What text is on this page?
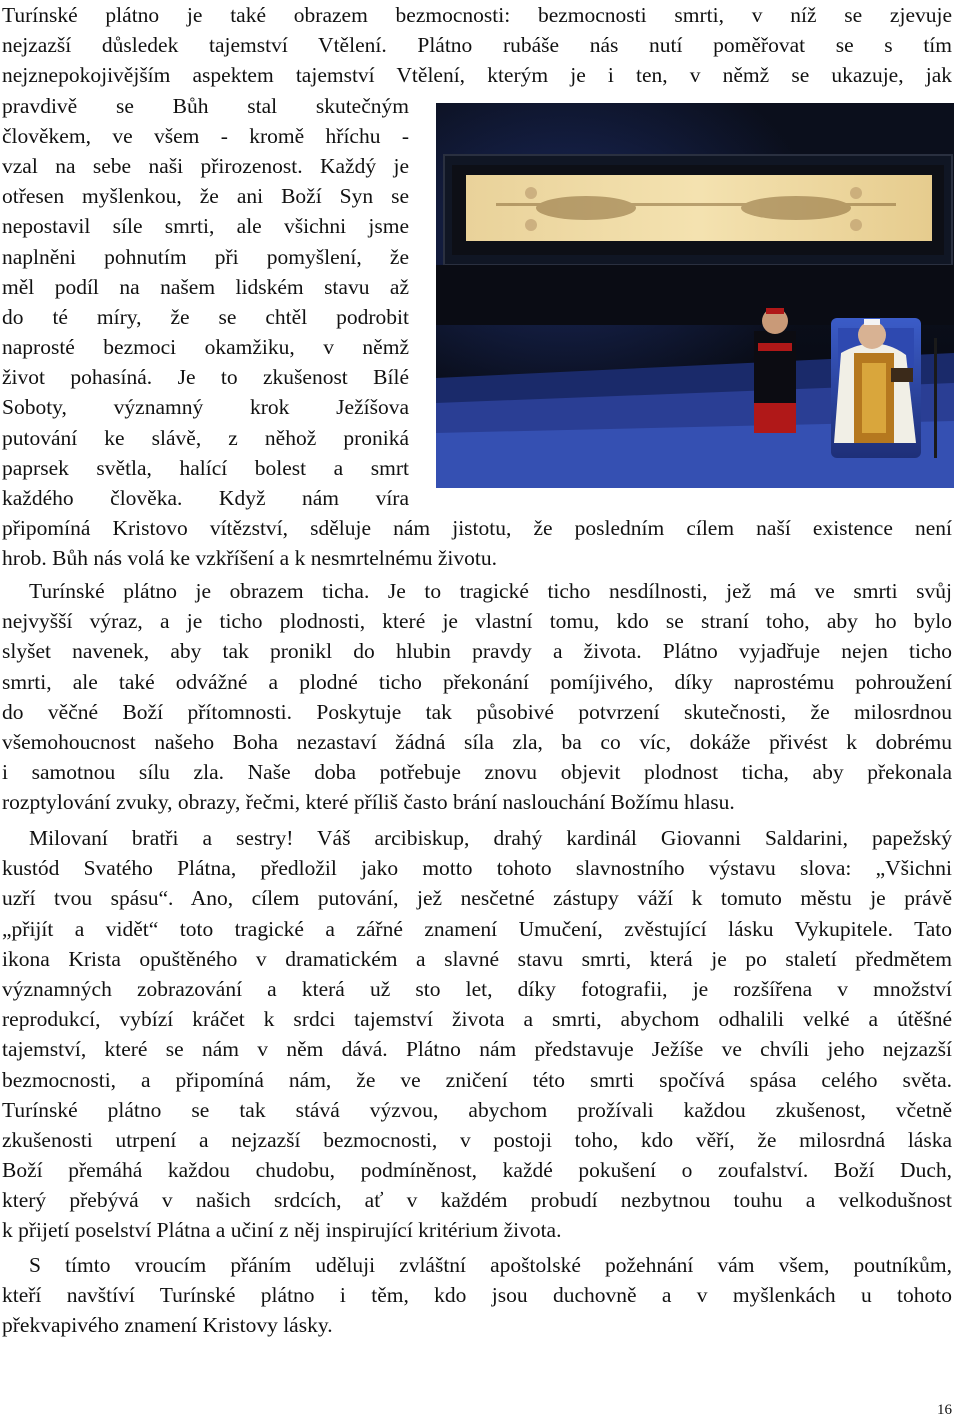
Turínské plátno je také obrazem bezmocnosti: bezmocnosti smrti, v níž se zjevuje
nejzazší důsledek tajemství Vtělení. Plátno rubáše nás nutí poměřovat se s tím
nejznepokojivějším aspektem tajemství Vtělení, kterým je i ten, v němž se ukazuje, jak
pravdivě se Bůh stal skutečným
člověkem, ve všem - kromě hříchu -
vzal na sebe naši přirozenost. Každý je
otřesen myšlenkou, že ani Boží Syn se
nepostavil síle smrti, ale všichni jsme
naplněni pohnutím při pomyšlení, že
měl podíl na našem lidském stavu až
do té míry, že se chtěl podrobit
naprosté bezmoci okamžiku, v němž
život pohasíná. Je to zkušenost Bílé
Soboty, významný krok Ježíšova
putování ke slávě, z něhož proniká
paprsek světla, halící bolest a smrt
každého člověka. Když nám víra
připomíná Kristovo vítězství, sděluje nám jistotu, že posledním cílem naší existence není
hrob. Bůh nás volá ke vzkříšení a k nesmrtelnému životu.
Turínské plátno je obrazem ticha. Je to tragické ticho nesdílnosti, jež má ve smrti svůj
nejvyšší výraz, a je ticho plodnosti, které je vlastní tomu, kdo se straní toho, aby ho bylo
slyšet navenek, aby tak pronikl do hlubin pravdy a života. Plátno vyjadřuje nejen ticho
smrti, ale také odvážné a plodné ticho překonání pomíjivého, díky naprostému pohroužení
do věčné Boží přítomnosti. Poskytuje tak působivé potvrzení skutečnosti, že milosrdnou
všemohoucnost našeho Boha nezastaví žádná síla zla, ba co víc, dokáže přivést k dobrému
i samotnou sílu zla. Naše doba potřebuje znovu objevit plodnost ticha, aby překonala
rozptylování zvuky, obrazy, řečmi, které příliš často brání naslouchání Božímu hlasu.
Milovaní bratři a sestry! Váš arcibiskup, drahý kardinál Giovanni Saldarini, papežský
kustód Svatého Plátna, předložil jako motto tohoto slavnostního výstavu slova: „Všichni
uzří tvou spásu“. Ano, cílem putování, jež nesčetné zástupy váží k tomuto městu je právě
„přijít a vidět“ toto tragické a zářné znamení Umučení, zvěstující lásku Vykupitele. Tato
ikona Krista opuštěného v dramatickém a slavné stavu smrti, která je po staletí předmětem
významných zobrazování a která už sto let, díky fotografii, je rozšířena v množství
reprodukcí, vybízí kráčet k srdci tajemství života a smrti, abychom odhalili velké a útěšné
tajemství, které se nám v něm dává. Plátno nám představuje Ježíše ve chvíli jeho nejzazší
bezmocnosti, a připomíná nám, že ve zničení této smrti spočívá spása celého světa.
Turínské plátno se tak stává výzvou, abychom prožívali každou zkušenost, včetně
zkušenosti utrpení a nejzazší bezmocnosti, v postoji toho, kdo věří, že milosrdná láska
Boží přemáhá každou chudobu, podmíněnost, každé pokušení o zoufalství. Boží Duch,
který přebývá v našich srdcích, ať v každém probudí nezbytnou touhu a velkodušnost
k přijetí poselství Plátna a učiní z něj inspirující kritérium života.
S tímto vroucím přáním uděluji zvláštní apoštolské požehnání vám všem, poutníkům,
kteří navštíví Turínské plátno i těm, kdo jsou duchovně a v myšlenkách u tohoto
překvapivého znamení Kristovy lásky.
16
